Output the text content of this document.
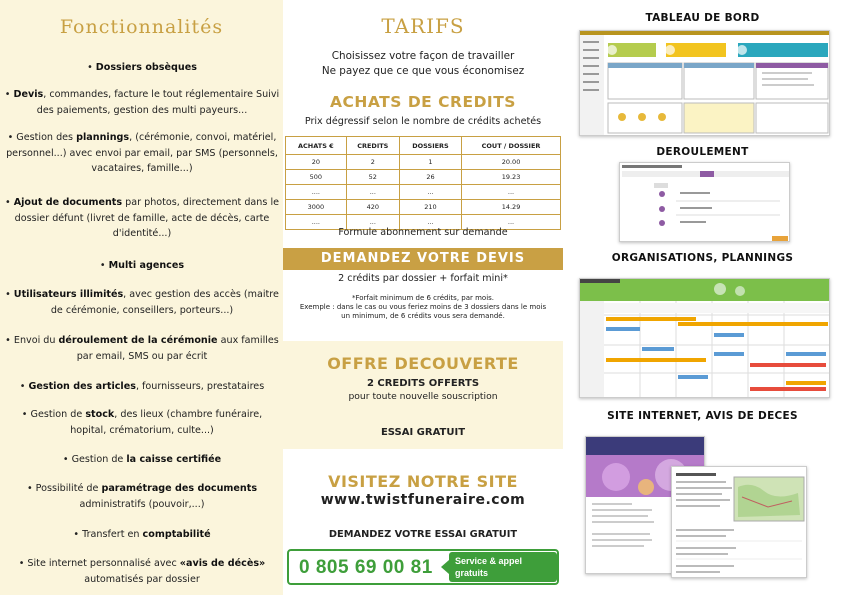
Fonctionnalités
• Dossiers obsèques
• Devis, commandes, facture le tout réglementaire Suivi des paiements, gestion des multi payeurs...
• Gestion des plannings, (cérémonie, convoi, matériel, personnel...) avec envoi par email, par SMS (personnels, vacataires, famille...)
• Ajout de documents par photos, directement dans le dossier défunt (livret de famille, acte de décès, carte d'identité...)
• Multi agences
• Utilisateurs illimités, avec gestion des accès (maitre de cérémonie, conseillers, porteurs...)
• Envoi du déroulement de la cérémonie aux familles par email, SMS ou par écrit
• Gestion des articles, fournisseurs, prestataires
• Gestion de stock, des lieux (chambre funéraire, hopital, crématorium, culte...)
• Gestion de la caisse certifiée
• Possibilité de paramétrage des documents administratifs (pouvoir,...)
• Transfert en comptabilité
• Site internet personnalisé avec «avis de décès» automatisés par dossier
TARIFS
Choisissez votre façon de travailler
Ne payez que ce que vous économisez
ACHATS DE CREDITS
Prix dégressif selon le nombre de crédits achetés
ACHATS €	CREDITS	DOSSIERS	COUT / DOSSIER
20	2	1	20.00
500	52	26	19.23
....	...	...	...
3000	420	210	14.29
....	...	...	...
Formule abonnement sur demande
DEMANDEZ VOTRE DEVIS
2 crédits par dossier + forfait mini*
*Forfait minimum de 6 crédits, par mois.
Exemple : dans le cas ou vous feriez moins de 3 dossiers dans le mois
un minimum, de 6 crédits vous sera demandé.
OFFRE DECOUVERTE
2 CREDITS OFFERTS
pour toute nouvelle souscription
ESSAI GRATUIT
VISITEZ NOTRE SITE
www.twistfuneraire.com
DEMANDEZ VOTRE ESSAI GRATUIT
0 805 69 00 81 Service & appel
gratuits
TABLEAU DE BORD
DEROULEMENT
ORGANISATIONS, PLANNINGS
SITE INTERNET, AVIS DE DECES
